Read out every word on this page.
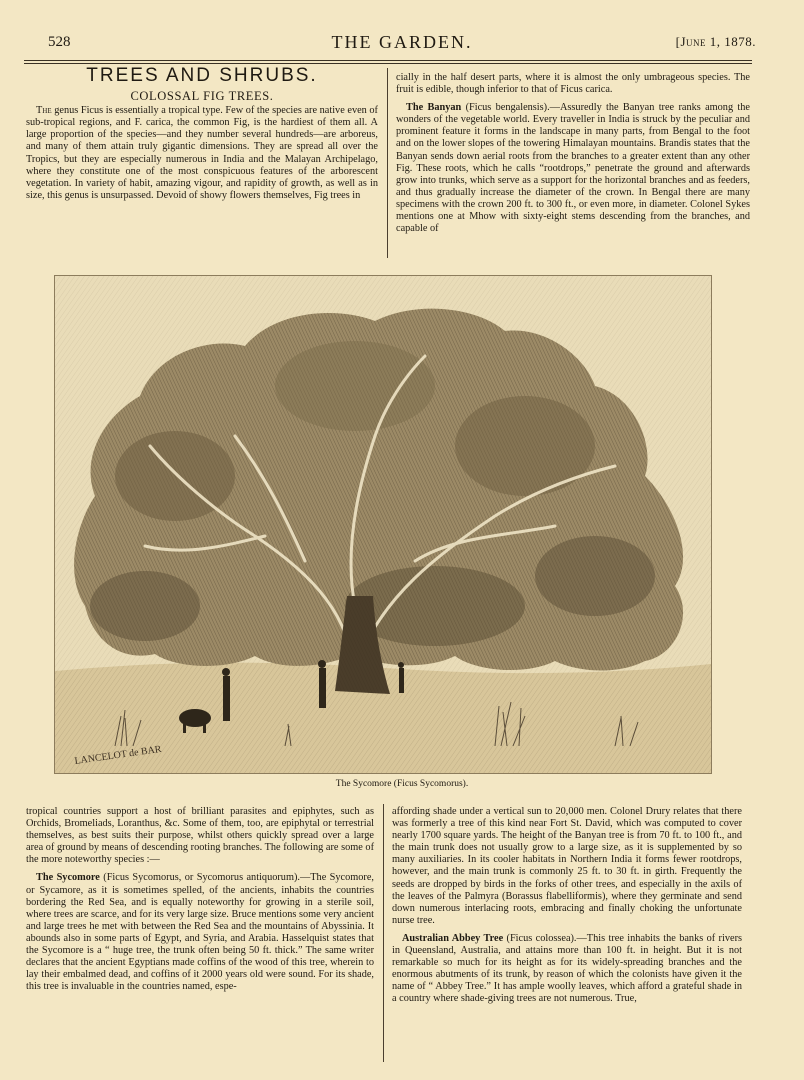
528	THE GARDEN.	[June 1, 1878.
TREES AND SHRUBS.
COLOSSAL FIG TREES.

The genus Ficus is essentially a tropical type. Few of the species are native even of sub-tropical regions, and F. carica, the common Fig, is the hardiest of them all. A large proportion of the species—and they number several hundreds—are arboreus, and many of them attain truly gigantic dimensions. They are spread all over the Tropics, but they are especially numerous in India and the Malayan Archipelago, where they constitute one of the most conspicuous features of the arborescent vegetation. In variety of habit, amazing vigour, and rapidity of growth, as well as in size, this genus is unsurpassed. Devoid of showy flowers themselves, Fig trees in

cially in the half desert parts, where it is almost the only umbrageous species. The fruit is edible, though inferior to that of Ficus carica.

The Banyan (Ficus bengalensis).—Assuredly the Banyan tree ranks among the wonders of the vegetable world. Every traveller in India is struck by the peculiar and prominent feature it forms in the landscape in many parts, from Bengal to the foot and on the lower slopes of the towering Himalayan mountains. Brandis states that the Banyan sends down aerial roots from the branches to a greater extent than any other Fig. These roots, which he calls “rootdrops,” penetrate the ground and afterwards grow into trunks, which serve as a support for the horizontal branches and as feeders, and thus gradually increase the diameter of the crown. In Bengal there are many specimens with the crown 200 ft. to 300 ft., or even more, in diameter. Colonel Sykes mentions one at Mhow with sixty-eight stems descending from the branches, and capable of

LANCELOT de BAR
The Sycomore (Ficus Sycomorus).

tropical countries support a host of brilliant parasites and epiphytes, such as Orchids, Bromeliads, Loranthus, &c. Some of them, too, are epiphytal or terrestrial themselves, as best suits their purpose, whilst others quickly spread over a large area of ground by means of descending rooting branches. The following are some of the more noteworthy species :—

The Sycomore (Ficus Sycomorus, or Sycomorus antiquorum).—The Sycomore, or Sycamore, as it is sometimes spelled, of the ancients, inhabits the countries bordering the Red Sea, and is equally noteworthy for growing in a sterile soil, where trees are scarce, and for its very large size. Bruce mentions some very ancient and large trees he met with between the Red Sea and the mountains of Abyssinia. It abounds also in some parts of Egypt, and Syria, and Arabia. Hasselquist states that the Sycomore is a “ huge tree, the trunk often being 50 ft. thick.” The same writer declares that the ancient Egyptians made coffins of the wood of this tree, wherein to lay their embalmed dead, and coffins of it 2000 years old were sound. For its shade, this tree is invaluable in the countries named, espe-

affording shade under a vertical sun to 20,000 men. Colonel Drury relates that there was formerly a tree of this kind near Fort St. David, which was computed to cover nearly 1700 square yards. The height of the Banyan tree is from 70 ft. to 100 ft., and the main trunk does not usually grow to a large size, as it is supplemented by so many auxiliaries. In its cooler habitats in Northern India it forms fewer rootdrops, however, and the main trunk is commonly 25 ft. to 30 ft. in girth. Frequently the seeds are dropped by birds in the forks of other trees, and especially in the axils of the leaves of the Palmyra (Borassus flabelliformis), where they germinate and send down numerous interlacing roots, embracing and finally choking the unfortunate nurse tree.

Australian Abbey Tree (Ficus colossea).—This tree inhabits the banks of rivers in Queensland, Australia, and attains more than 100 ft. in height. But it is not remarkable so much for its height as for its widely-spreading branches and the enormous abutments of its trunk, by reason of which the colonists have given it the name of “ Abbey Tree.” It has ample woolly leaves, which afford a grateful shade in a country where shade-giving trees are not numerous. True,
